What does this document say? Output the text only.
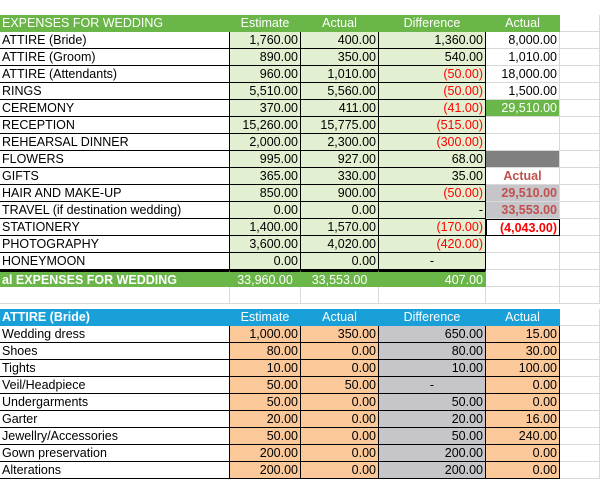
EXPENSES FOR WEDDING	Estimate	Actual	Difference	Actual
ATTIRE (Bride)	1,760.00	400.00	1,360.00	8,000.00
ATTIRE (Groom)	890.00	350.00	540.00	1,010.00
ATTIRE (Attendants)	960.00	1,010.00	(50.00)	18,000.00
RINGS	5,510.00	5,560.00	(50.00)	1,500.00
CEREMONY	370.00	411.00	(41.00)	29,510.00
RECEPTION	15,260.00	15,775.00	(515.00)
REHEARSAL DINNER	2,000.00	2,300.00	(300.00)
FLOWERS	995.00	927.00	68.00
GIFTS	365.00	330.00	35.00	Actual
HAIR AND MAKE-UP	850.00	900.00	(50.00)	29,510.00
TRAVEL (if destination wedding)	0.00	0.00	-	33,553.00
STATIONERY	1,400.00	1,570.00	(170.00)	(4,043.00)
PHOTOGRAPHY	3,600.00	4,020.00	(420.00)
HONEYMOON	0.00	0.00	-
al EXPENSES FOR WEDDING	33,960.00	33,553.00	407.00
ATTIRE (Bride)	Estimate	Actual	Difference	Actual
Wedding dress	1,000.00	350.00	650.00	15.00
Shoes	80.00	0.00	80.00	30.00
Tights	10.00	0.00	10.00	100.00
Veil/Headpiece	50.00	50.00	-	0.00
Undergarments	50.00	0.00	50.00	0.00
Garter	20.00	0.00	20.00	16.00
Jewellry/Accessories	50.00	0.00	50.00	240.00
Gown preservation	200.00	0.00	200.00	0.00
Alterations	200.00	0.00	200.00	0.00
